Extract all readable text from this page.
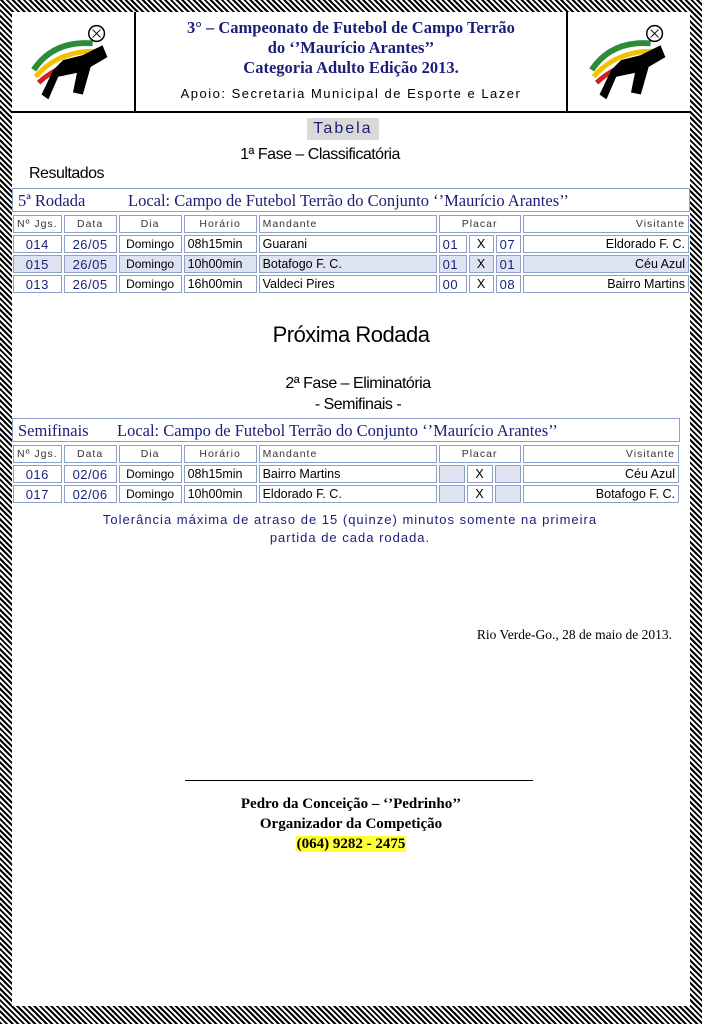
3° – Campeonato de Futebol de Campo Terrão
do ‘’Maurício Arantes’’
Categoria Adulto Edição 2013.
Apoio: Secretaria Municipal de Esporte e Lazer
Tabela
1ª Fase – Classificatória
Resultados
5ª Rodada	Local: Campo de Futebol Terrão do Conjunto ‘’Maurício Arantes’’
Nº Jgs.	Data	Dia	Horário	Mandante	Placar			Visitante
014	26/05	Domingo	08h15min	Guarani	01	X	07	Eldorado F. C.
015	26/05	Domingo	10h00min	Botafogo F. C.	01	X	01	Céu Azul
013	26/05	Domingo	16h00min	Valdeci Pires	00	X	08	Bairro Martins
Próxima Rodada
2ª Fase – Eliminatória
- Semifinais -
Semifinais Local: Campo de Futebol Terrão do Conjunto ‘’Maurício Arantes’’
Nº Jgs.	Data	Dia	Horário	Mandante	Placar			Visitante
016	02/06	Domingo	08h15min	Bairro Martins		X		Céu Azul
017	02/06	Domingo	10h00min	Eldorado F. C.		X		Botafogo F. C.
Tolerância máxima de atraso de 15 (quinze) minutos somente na primeira
partida de cada rodada.
Rio Verde-Go., 28 de maio de 2013.
Pedro da Conceição – ‘’Pedrinho’’
Organizador da Competição
(064) 9282 - 2475
